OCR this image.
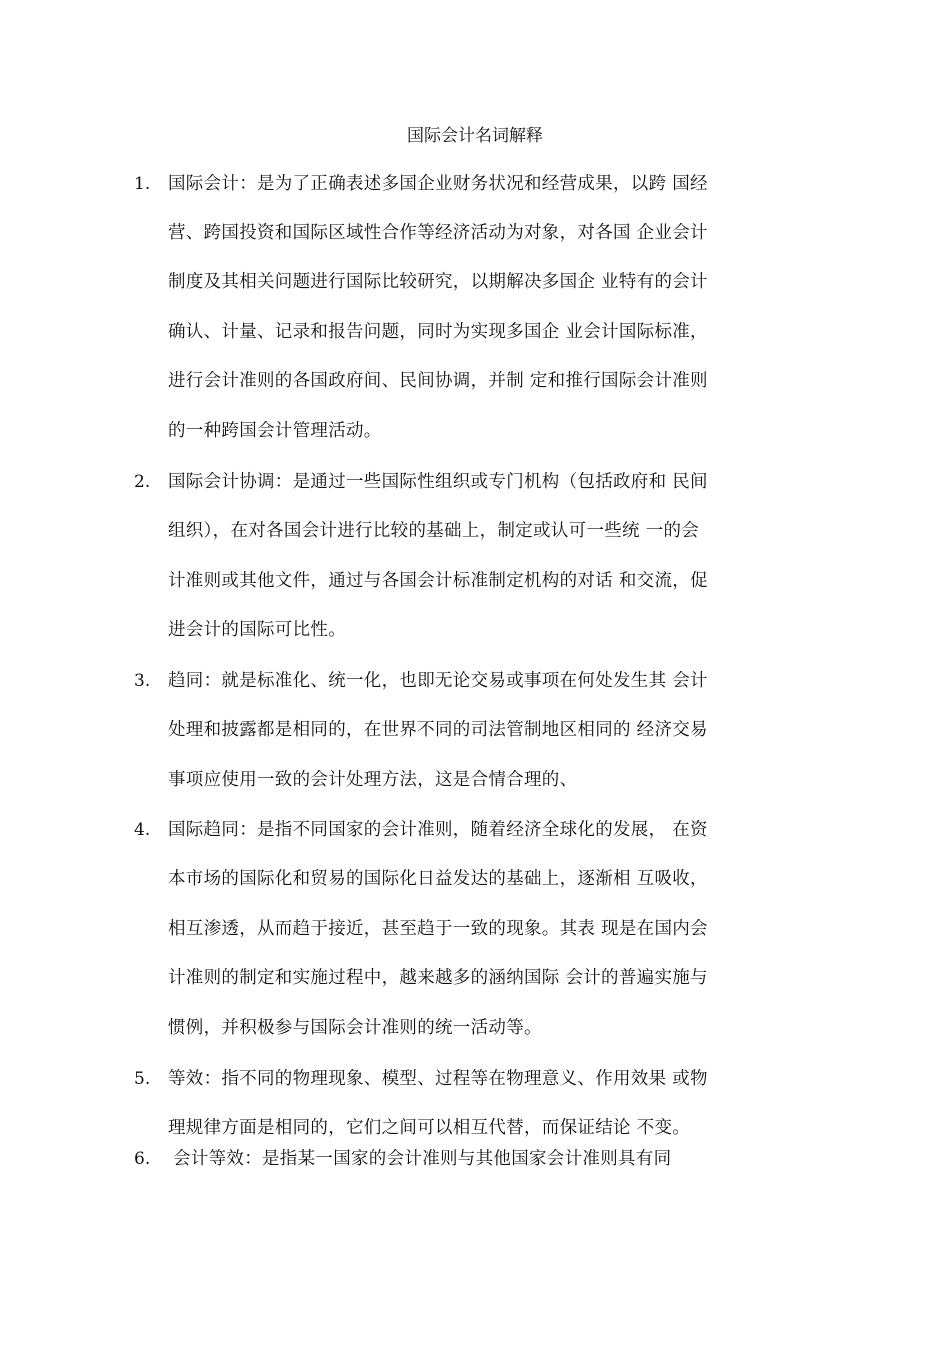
国际会计名词解释
1.	国际会计：是为了正确表述多国企业财务状况和经营成果，以跨 国经
营、跨国投资和国际区域性合作等经济活动为对象，对各国 企业会计
制度及其相关问题进行国际比较研究，以期解决多国企 业特有的会计
确认、计量、记录和报告问题，同时为实现多国企 业会计国际标准，
进行会计准则的各国政府间、民间协调，并制 定和推行国际会计准则
的一种跨国会计管理活动。
2.	国际会计协调：是通过一些国际性组织或专门机构（包括政府和 民间
组织），在对各国会计进行比较的基础上，制定或认可一些统 一的会
计准则或其他文件，通过与各国会计标准制定机构的对话 和交流，促
进会计的国际可比性。
3.	趋同：就是标准化、统一化，也即无论交易或事项在何处发生其 会计
处理和披露都是相同的，在世界不同的司法管制地区相同的 经济交易
事项应使用一致的会计处理方法，这是合情合理的、
4.	国际趋同：是指不同国家的会计准则，随着经济全球化的发展， 在资
本市场的国际化和贸易的国际化日益发达的基础上，逐渐相 互吸收，
相互渗透，从而趋于接近，甚至趋于一致的现象。其表 现是在国内会
计准则的制定和实施过程中，越来越多的涵纳国际 会计的普遍实施与
惯例，并积极参与国际会计准则的统一活动等。
5.	等效：指不同的物理现象、模型、过程等在物理意义、作用效果 或物
理规律方面是相同的，它们之间可以相互代替，而保证结论 不变。
6.	会计等效：是指某一国家的会计准则与其他国家会计准则具有同
